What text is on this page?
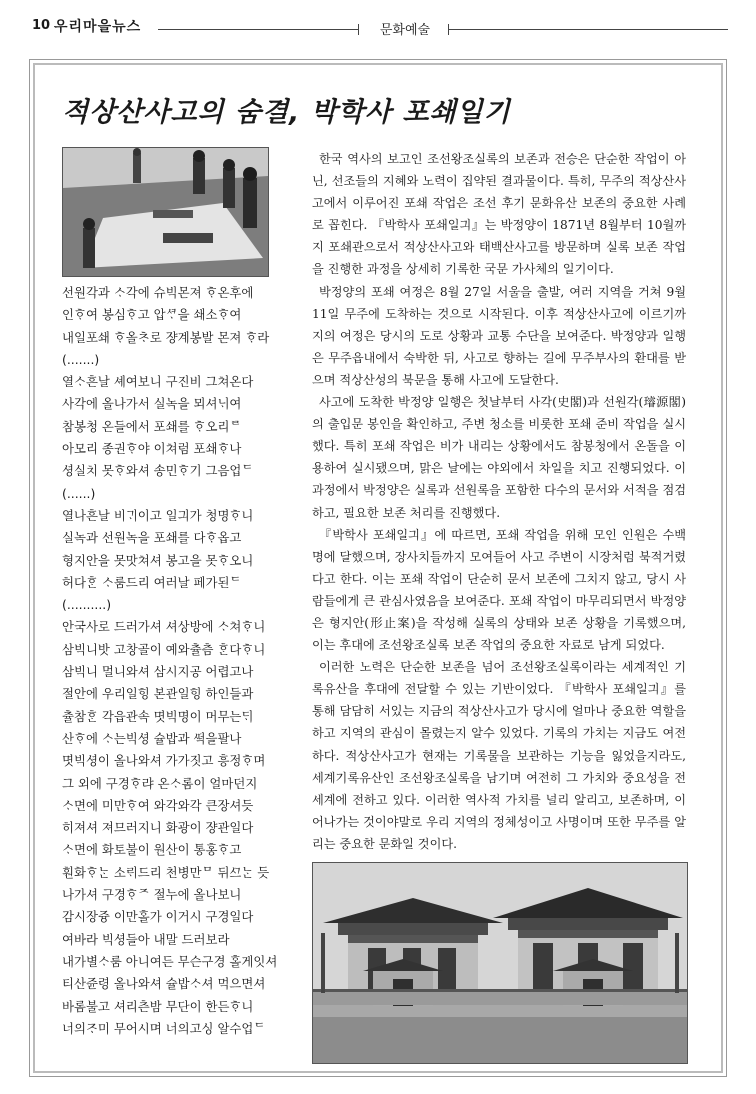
10 우리마을뉴스	문화예술
적상산사고의 숨결, 박학사 포쇄일기
선원각과 ᄉᆞ각에 슈빅몬져 ᄒᆞ온후에
인ᄒᆞ여 봉심ᄒᆞ고 압ᄸᆞ을 쇄소ᄒᆞ여
내일포쇄 ᄒᆞ올ᄎᆞ로 쟝계봉발 몬져 ᄒᆞ라
(.......)
열ᄉᆞ흔날 셰여보니 구진비 그쳐온다
사각에 올나가서 실녹을 뫼셔ᄂᆡ여
참봉청 온들에서 포쇄를 ᄒᆞ오리ᄅ
아모리 종권ᄒᆞ야 이쳐럼 포쇄ᄒᆞ나
셩실치 못ᄒᆞ와셔 송민ᄒᆞ기 그음업ᄃ
(......)
열나흔날 비ᄀᆡ이고 일긔가 청명ᄒᆞ니
실녹과 선원녹을 포쇄를 다ᄒᆞ옵고
형지안을 못맛쳐셔 봉고을 못ᄒᆞ오니
허다ᄒᆞᆫ ᄉᆞ룸드리 여러날 페가된ᄃ
(..........)
안국사로 드러가셔 셔상방에 ᄉᆞ쳐ᄒᆞ니
삼빅니밧 고창골이 예와츌츰 ᄒᆞᆫ다ᄒᆞ니
삼빅니 멀니와셔 삼시지공 어렵고나
절안에 우리일힝 본관일힝 하인들과
츌참ᄒᆞᆫ 각읍관속 몃빅명이 머무는ᄃᆡ
산ᄒᆞ에 ᄉᆞ는빅셩 슐밥과 ᄯᅥᆨ을팔나
몃빅셩이 올나와셔 가가짓고 흥정ᄒᆞ며
그 외에 구경ᄒᆞ랴 온ᄉᆞ롬이 얼마던지
ᄉᆞ면에 미만ᄒᆞ여 와각와각 큰장셔듯
히져셔 져므러지니 화광이 쟝관일다
ᄉᆞ면에 화토불이 원산이 통홍ᄒᆞ고
훤화ᄒᆞᄂᆞᆫ 소ᄅᆡ드리 천병만ᄆ 뒤ᄭᅳᄂᆞᆫ 듯
나가셔 구경ᄒᆞᄌ 절누에 올나보니
감시장즁 이만홀가 이거시 구경일다
여바라 빅셩들아 내말 드러보라
내가별ᄉᆞ룸 아니여든 무슨구경 홀게잇셔
티산쥰령 올나와셔 슐밥ᄉᆞ셔 먹으면셔
바롬불고 셔리츤밤 무단이 한든ᄒᆞ니
너의ᄌᆞ미 무어시며 너의고싱 알수업ᄃ

한국 역사의 보고인 조선왕조실록의 보존과 전승은 단순한 작업이 아닌, 선조들의 지혜와 노력이 집약된 결과물이다. 특히, 무주의 적상산사고에서 이루어진 포쇄 작업은 조선 후기 문화유산 보존의 중요한 사례로 꼽힌다. 『박학사 포쇄일긔』는 박정양이 1871년 8월부터 10월까지 포쇄관으로서 적상산사고와 태백산사고를 방문하며 실록 보존 작업을 진행한 과정을 상세히 기록한 국문 가사체의 일기이다.

박정양의 포쇄 여정은 8월 27일 서울을 출발, 여러 지역을 거쳐 9월 11일 무주에 도착하는 것으로 시작된다. 이후 적상산사고에 이르기까지의 여정은 당시의 도로 상황과 교통 수단을 보여준다. 박정양과 일행은 무주읍내에서 숙박한 뒤, 사고로 향하는 길에 무주부사의 환대를 받으며 적상산성의 북문을 통해 사고에 도달한다.

사고에 도착한 박정양 일행은 첫날부터 사각(史閣)과 선원각(璿源閣)의 출입문 봉인을 확인하고, 주변 청소를 비롯한 포쇄 준비 작업을 실시했다. 특히 포쇄 작업은 비가 내리는 상황에서도 참봉청에서 온돌을 이용하여 실시됐으며, 맑은 날에는 야외에서 차일을 치고 진행되었다. 이 과정에서 박정양은 실록과 선원록을 포함한 다수의 문서와 서적을 점검하고, 필요한 보존 처리를 진행했다.

『박학사 포쇄일긔』에 따르면, 포쇄 작업을 위해 모인 인원은 수백 명에 달했으며, 장사치들까지 모여들어 사고 주변이 시장처럼 북적거렸다고 한다. 이는 포쇄 작업이 단순히 문서 보존에 그치지 않고, 당시 사람들에게 큰 관심사였음을 보여준다. 포쇄 작업이 마무리되면서 박정양은 형지안(形止案)을 작성해 실록의 상태와 보존 상황을 기록했으며, 이는 후대에 조선왕조실록 보존 작업의 중요한 자료로 남게 되었다.

이러한 노력은 단순한 보존을 넘어 조선왕조실록이라는 세계적인 기록유산을 후대에 전달할 수 있는 기반이었다. 『박학사 포쇄일긔』를 통해 담담히 서있는 지금의 적상산사고가 당시에 얼마나 중요한 역할을 하고 지역의 관심이 몰렸는지 알수 있었다. 기록의 가치는 지금도 여전하다. 적상산사고가 현재는 기록물을 보관하는 기능을 잃었을지라도, 세계기록유산인 조선왕조실록을 남기며 여전히 그 가치와 중요성을 전 세계에 전하고 있다. 이러한 역사적 가치를 널리 알리고, 보존하며, 이어나가는 것이야말로 우리 지역의 정체성이고 사명이며 또한 무주를 알리는 중요한 문화일 것이다.
